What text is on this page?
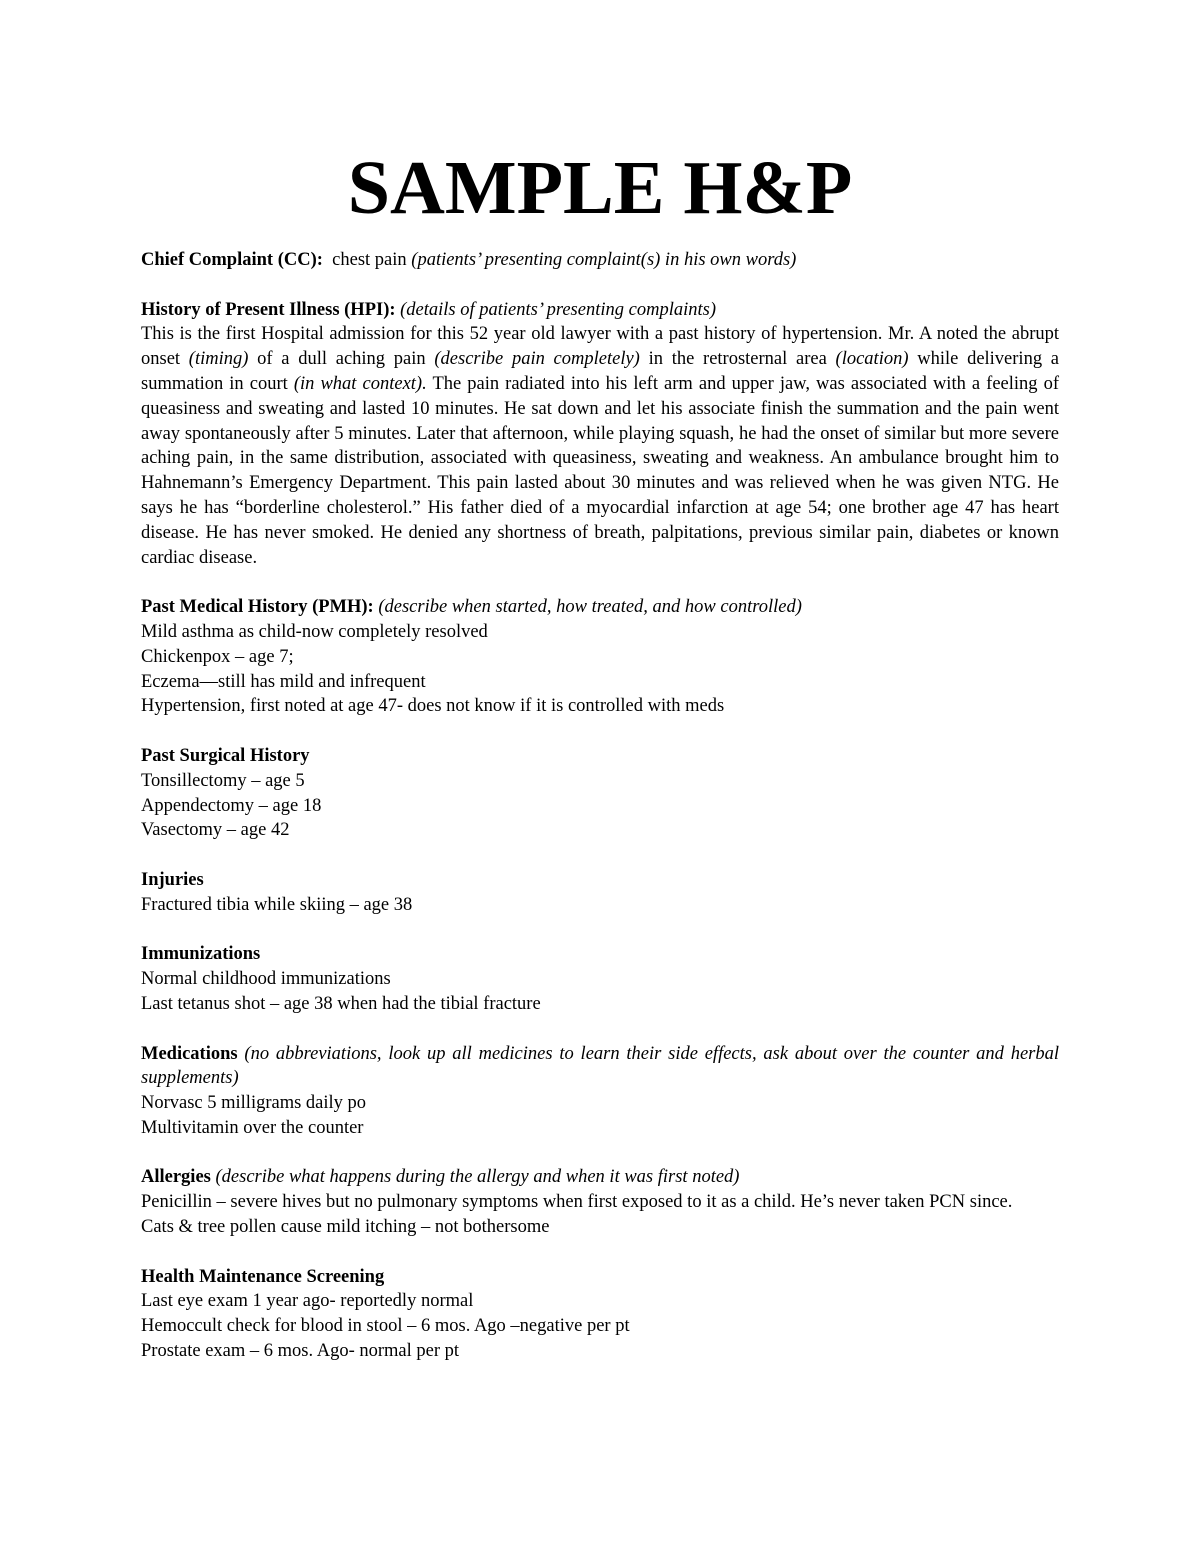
SAMPLE H&P
Chief Complaint (CC): chest pain (patients’ presenting complaint(s) in his own words)
History of Present Illness (HPI): (details of patients’ presenting complaints)
This is the first Hospital admission for this 52 year old lawyer with a past history of hypertension. Mr. A noted the abrupt onset (timing) of a dull aching pain (describe pain completely) in the retrosternal area (location) while delivering a summation in court (in what context). The pain radiated into his left arm and upper jaw, was associated with a feeling of queasiness and sweating and lasted 10 minutes. He sat down and let his associate finish the summation and the pain went away spontaneously after 5 minutes. Later that afternoon, while playing squash, he had the onset of similar but more severe aching pain, in the same distribution, associated with queasiness, sweating and weakness. An ambulance brought him to Hahnemann’s Emergency Department. This pain lasted about 30 minutes and was relieved when he was given NTG. He says he has “borderline cholesterol.” His father died of a myocardial infarction at age 54; one brother age 47 has heart disease. He has never smoked. He denied any shortness of breath, palpitations, previous similar pain, diabetes or known cardiac disease.
Past Medical History (PMH): (describe when started, how treated, and how controlled)
Mild asthma as child-now completely resolved
Chickenpox – age 7;
Eczema—still has mild and infrequent
Hypertension, first noted at age 47- does not know if it is controlled with meds
Past Surgical History
Tonsillectomy – age 5
Appendectomy – age 18
Vasectomy – age 42
Injuries
Fractured tibia while skiing – age 38
Immunizations
Normal childhood immunizations
Last tetanus shot – age 38 when had the tibial fracture
Medications (no abbreviations, look up all medicines to learn their side effects, ask about over the counter and herbal supplements)
Norvasc 5 milligrams daily po
Multivitamin over the counter
Allergies (describe what happens during the allergy and when it was first noted)
Penicillin – severe hives but no pulmonary symptoms when first exposed to it as a child. He’s never taken PCN since.
Cats & tree pollen cause mild itching – not bothersome
Health Maintenance Screening
Last eye exam 1 year ago- reportedly normal
Hemoccult check for blood in stool – 6 mos. Ago –negative per pt
Prostate exam – 6 mos. Ago- normal per pt
